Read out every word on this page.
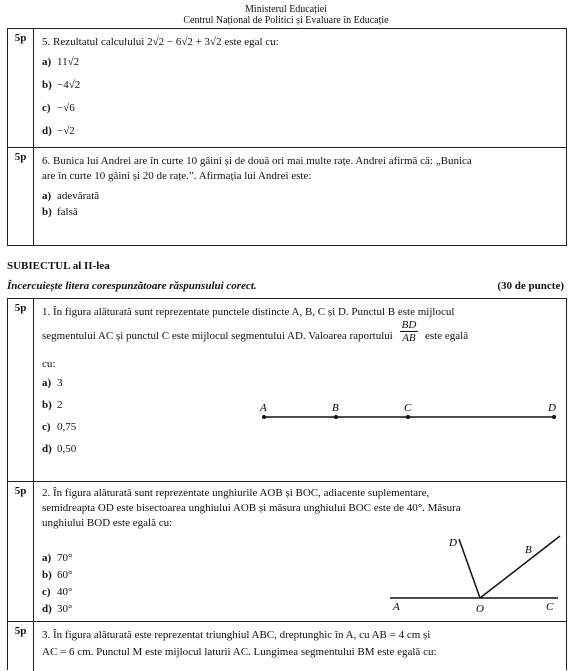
Ministerul Educației
Centrul Național de Politici și Evaluare în Educație
5p	5. Rezultatul calculului 2√2 − 6√2 + 3√2 este egal cu:
a) 11√2
b) −4√2
c) −√6
d) −√2
5p	6. Bunica lui Andrei are în curte 10 găini și de două ori mai multe rațe. Andrei afirmă că: „Bunica
are în curte 10 găini și 20 de rațe.”. Afirmația lui Andrei este:
a) adevărată
b) falsă
SUBIECTUL al II-lea
Încercuiește litera corespunzătoare răspunsului corect.	(30 de puncte)
5p	1. În figura alăturată sunt reprezentate punctele distincte A, B, C și D. Punctul B este mijlocul
segmentului AC și punctul C este mijlocul segmentului AD. Valoarea raportului $\frac{BD}{AB}$ este egală
cu:
a) 3
b) 2
c) 0,75
d) 0,50
A	B	C	D
5p	2. În figura alăturată sunt reprezentate unghiurile AOB și BOC, adiacente suplementare,
semidreapta OD este bisectoarea unghiului AOB și măsura unghiului BOC este de 40°. Măsura
unghiului BOD este egală cu:
a) 70°
b) 60°
c) 40°
d) 30°
D
B
A	O	C
5p	3. În figura alăturată este reprezentat triunghiul ABC, dreptunghic în A, cu AB = 4 cm și
AC = 6 cm. Punctul M este mijlocul laturii AC. Lungimea segmentului BM este egală cu:
